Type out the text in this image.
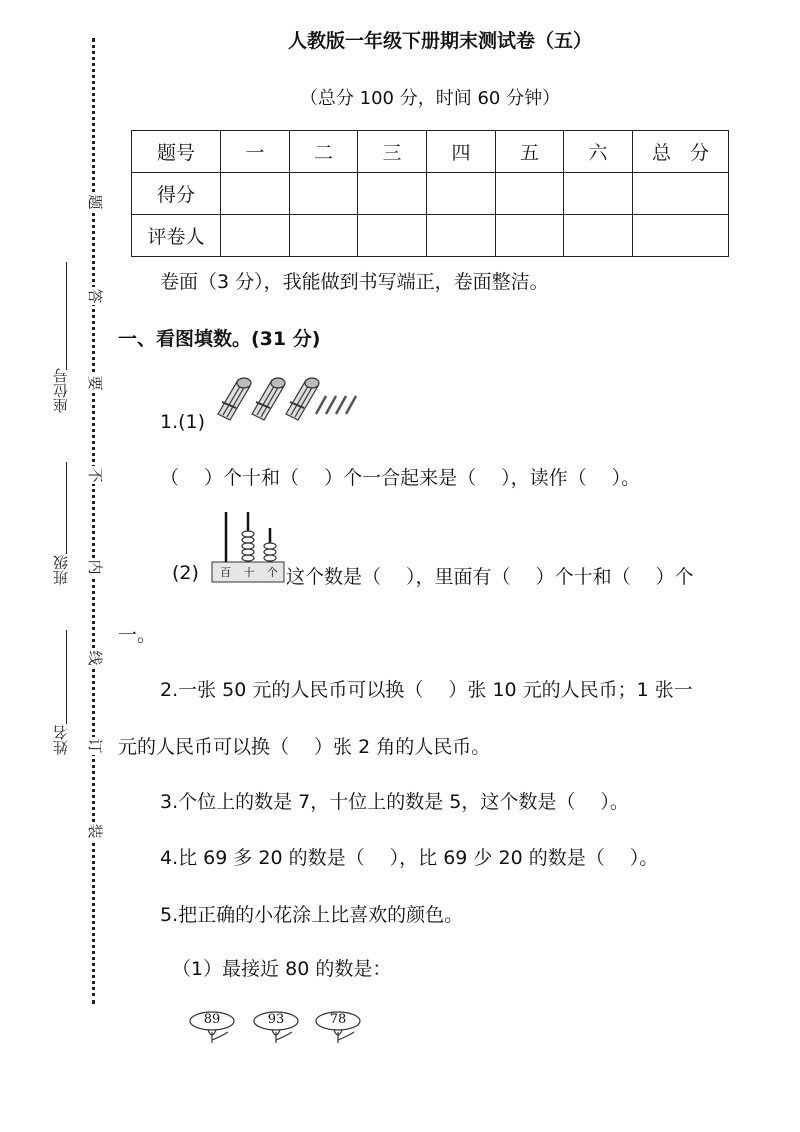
题
答
要
不
内
线
订
装
座位号
班级
姓名
人教版一年级下册期末测试卷（五）
（总分 100 分，时间 60 分钟）
题号	一	二	三	四	五	六	总　分
得分							
评卷人							
卷面（3 分），我能做到书写端正，卷面整洁。
一、看图填数。(31 分)
1.(1)
（　 ）个十和（　 ）个一合起来是（　 ），读作（　 ）。
(2) 百 十 个 这个数是（　 ），里面有（　 ）个十和（　 ）个
一。
2.一张 50 元的人民币可以换（　 ）张 10 元的人民币；1 张一
元的人民币可以换（　 ）张 2 角的人民币。
3.个位上的数是 7，十位上的数是 5，这个数是（　 ）。
4.比 69 多 20 的数是（　 ），比 69 少 20 的数是（　 ）。
5.把正确的小花涂上比喜欢的颜色。
（1）最接近 80 的数是：
89	93	78
